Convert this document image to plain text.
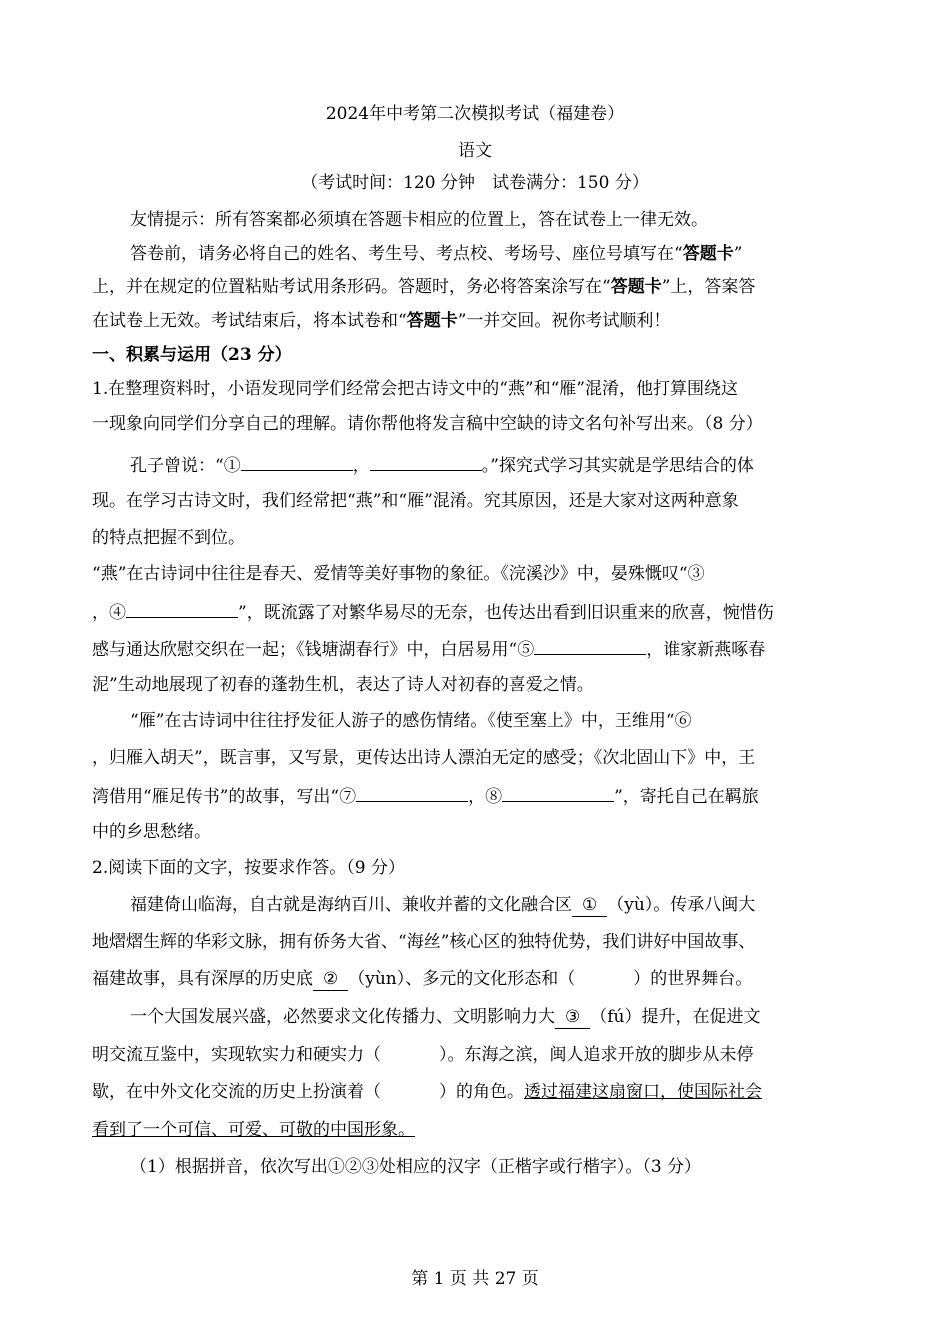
2024年中考第二次模拟考试（福建卷）
语文
（考试时间：120 分钟　试卷满分：150 分）
友情提示：所有答案都必须填在答题卡相应的位置上，答在试卷上一律无效。
答卷前，请务必将自己的姓名、考生号、考点校、考场号、座位号填写在“答题卡”
上，并在规定的位置粘贴考试用条形码。答题时，务必将答案涂写在“答题卡”上，答案答
在试卷上无效。考试结束后，将本试卷和“答题卡”一并交回。祝你考试顺利！
一、积累与运用（23 分）
1.在整理资料时，小语发现同学们经常会把古诗文中的“燕”和“雁”混淆，他打算围绕这
一现象向同学们分享自己的理解。请你帮他将发言稿中空缺的诗文名句补写出来。（8 分）
孔子曾说：“①	，	。”探究式学习其实就是学思结合的体
现。在学习古诗文时，我们经常把“燕”和“雁”混淆。究其原因，还是大家对这两种意象
的特点把握不到位。
“燕”在古诗词中往往是春天、爱情等美好事物的象征。《浣溪沙》中，晏殊慨叹“③
，④	”，既流露了对繁华易尽的无奈，也传达出看到旧识重来的欣喜，惋惜伤
感与通达欣慰交织在一起；《钱塘湖春行》中，白居易用“⑤	，谁家新燕啄春
泥”生动地展现了初春的蓬勃生机，表达了诗人对初春的喜爱之情。
“雁”在古诗词中往往抒发征人游子的感伤情绪。《使至塞上》中，王维用“⑥
，归雁入胡天”，既言事，又写景，更传达出诗人漂泊无定的感受；《次北固山下》中，王
湾借用“雁足传书”的故事，写出“⑦	，⑧	”，寄托自己在羁旅
中的乡思愁绪。
2.阅读下面的文字，按要求作答。（9 分）
福建倚山临海，自古就是海纳百川、兼收并蓄的文化融合区 ① （yù）。传承八闽大
地熠熠生辉的华彩文脉，拥有侨务大省、“海丝”核心区的独特优势，我们讲好中国故事、
福建故事，具有深厚的历史底 ② （yùn）、多元的文化形态和（	）的世界舞台。
一个大国发展兴盛，必然要求文化传播力、文明影响力大 ③ （fú）提升，在促进文
明交流互鉴中，实现软实力和硬实力（	）。东海之滨，闽人追求开放的脚步从未停
歇，在中外文化交流的历史上扮演着（	）的角色。透过福建这扇窗口，使国际社会
看到了一个可信、可爱、可敬的中国形象。
（1）根据拼音，依次写出①②③处相应的汉字（正楷字或行楷字）。（3 分）
第 1 页 共 27 页
